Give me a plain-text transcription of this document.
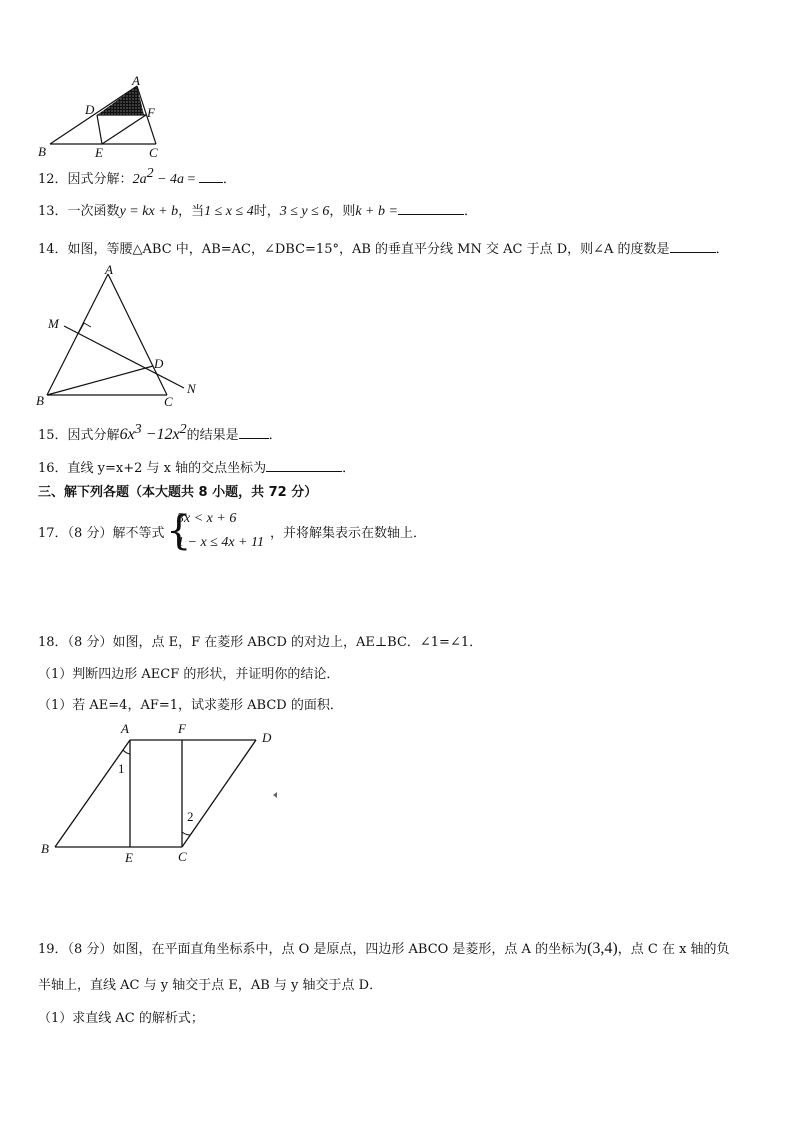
A
D	F
B	E	C
12．因式分解：$2a^2 - 4a$ = ．
13．一次函数y = kx + b，当1 ≤ x ≤ 4时，3 ≤ y ≤ 6，则k + b =	．
14．如图，等腰△ABC 中，AB=AC，∠DBC=15°，AB 的垂直平分线 MN 交 AC 于点 D，则∠A 的度数是	．
A
M
D
N
B	C
15．因式分解$6x^3 -12x^2$的结果是 ．
16．直线 y=x+2 与 x 轴的交点坐标为	．
三、解下列各题（本大题共 8 小题，共 72 分）
17．（8 分）解不等式 {
3x < x + 6
1 − x ≤ 4x + 11
，并将解集表示在数轴上．
18．（8 分）如图，点 E，F 在菱形 ABCD 的对边上，AE⊥BC．∠1=∠1．
（1）判断四边形 AECF 的形状，并证明你的结论．
（1）若 AE=4，AF=1，试求菱形 ABCD 的面积．
A	F
D
1
2
B
E	C
19．（8 分）如图，在平面直角坐标系中，点 O 是原点，四边形 ABCO 是菱形，点 A 的坐标为(3,4)，点 C 在 x 轴的负
半轴上，直线 AC 与 y 轴交于点 E，AB 与 y 轴交于点 D．
（1）求直线 AC 的解析式；
